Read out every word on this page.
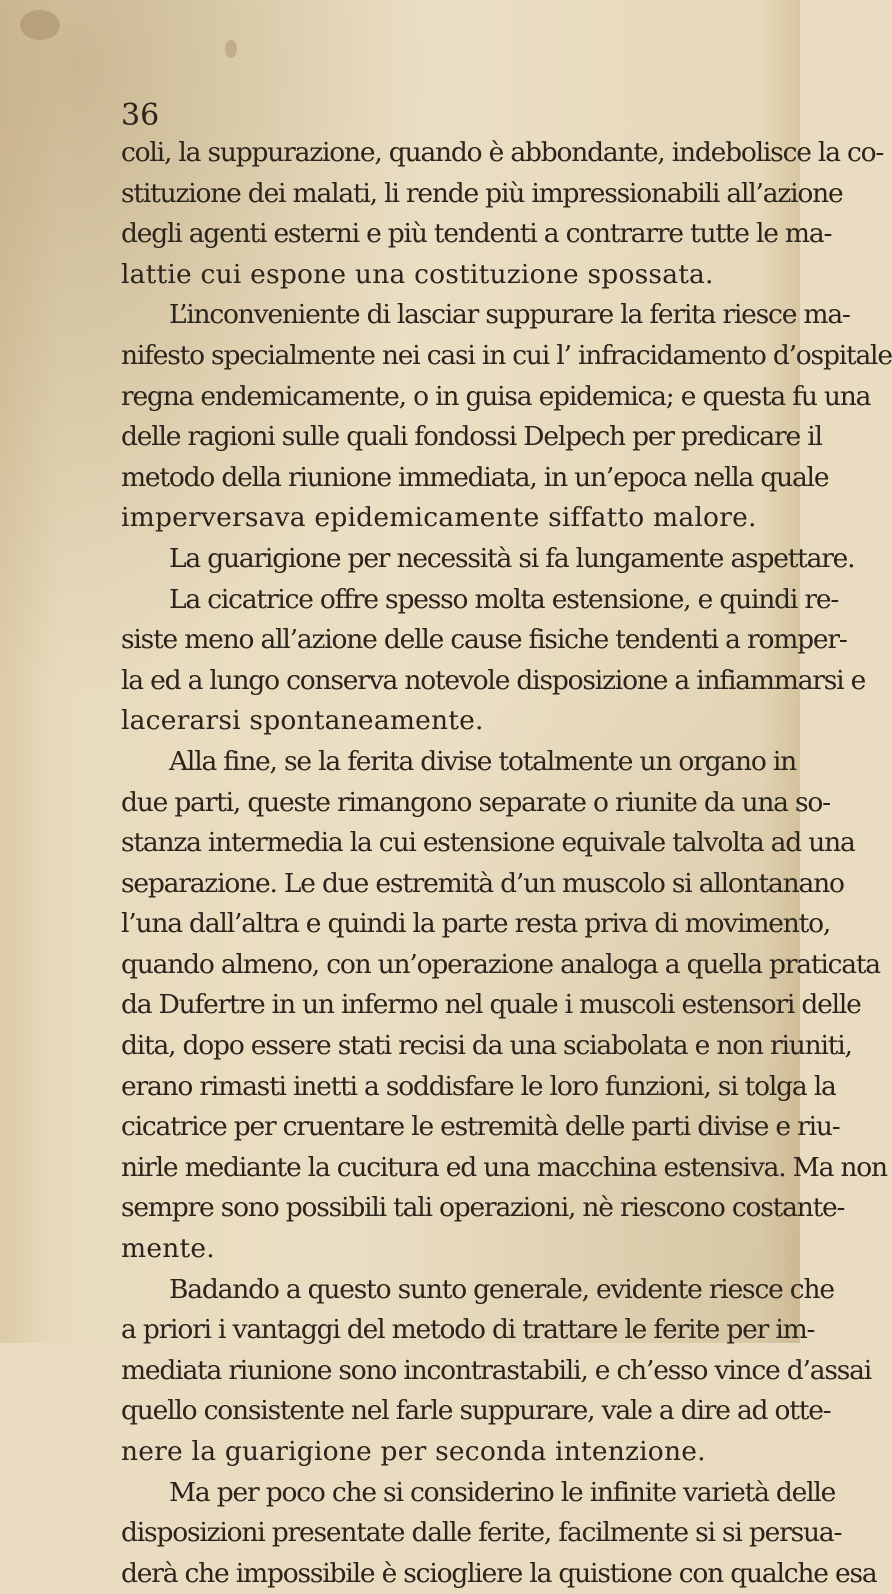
36
coli, la suppurazione, quando è abbondante, indebolisce la co-
stituzione dei malati, li rende più impressionabili all’azione
degli agenti esterni e più tendenti a contrarre tutte le ma-
lattie cui espone una costituzione spossata.
L’inconveniente di lasciar suppurare la ferita riesce ma-
nifesto specialmente nei casi in cui l’ infracidamento d’ospitale
regna endemicamente, o in guisa epidemica; e questa fu una
delle ragioni sulle quali fondossi Delpech per predicare il
metodo della riunione immediata, in un’epoca nella quale
imperversava epidemicamente siffatto malore.
La guarigione per necessità si fa lungamente aspettare.
La cicatrice offre spesso molta estensione, e quindi re-
siste meno all’azione delle cause fisiche tendenti a romper-
la ed a lungo conserva notevole disposizione a infiammarsi e
lacerarsi spontaneamente.
Alla fine, se la ferita divise totalmente un organo in
due parti, queste rimangono separate o riunite da una so-
stanza intermedia la cui estensione equivale talvolta ad una
separazione. Le due estremità d’un muscolo si allontanano
l’una dall’altra e quindi la parte resta priva di movimento,
quando almeno, con un’operazione analoga a quella praticata
da Dufertre in un infermo nel quale i muscoli estensori delle
dita, dopo essere stati recisi da una sciabolata e non riuniti,
erano rimasti inetti a soddisfare le loro funzioni, si tolga la
cicatrice per cruentare le estremità delle parti divise e riu-
nirle mediante la cucitura ed una macchina estensiva. Ma non
sempre sono possibili tali operazioni, nè riescono costante-
mente.
Badando a questo sunto generale, evidente riesce che
a priori i vantaggi del metodo di trattare le ferite per im-
mediata riunione sono incontrastabili, e ch’esso vince d’assai
quello consistente nel farle suppurare, vale a dire ad otte-
nere la guarigione per seconda intenzione.
Ma per poco che si considerino le infinite varietà delle
disposizioni presentate dalle ferite, facilmente si si persua-
derà che impossibile è sciogliere la quistione con qualche esa
